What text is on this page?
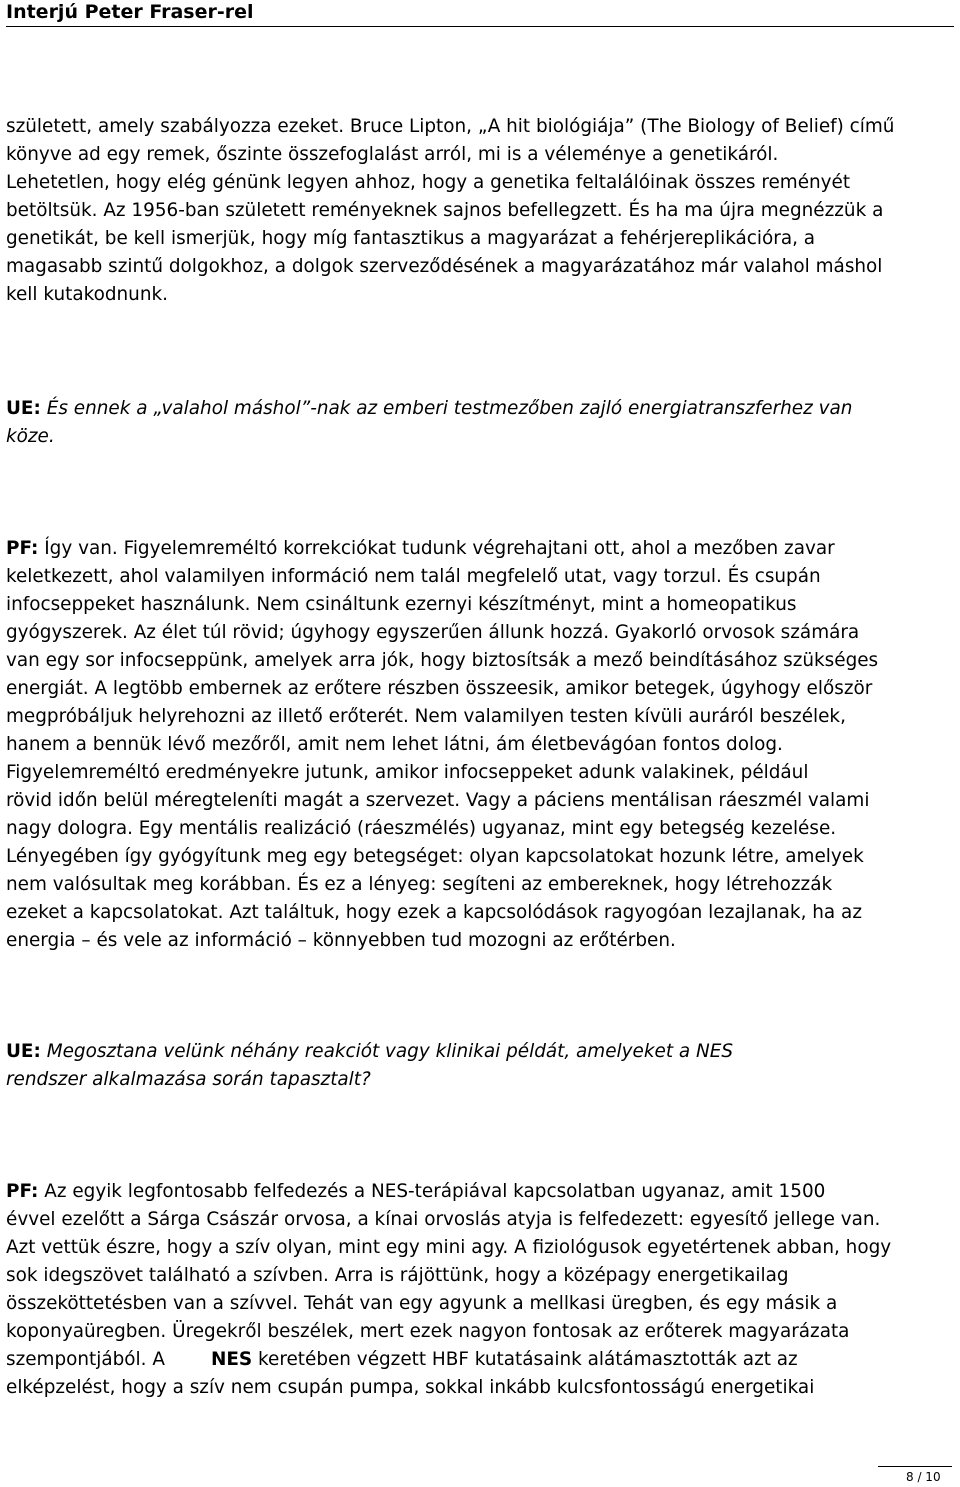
Interjú Peter Fraser-rel
született, amely szabályozza ezeket. Bruce Lipton, „A hit biológiája” (The Biology of Belief) című
könyve ad egy remek, őszinte összefoglalást arról, mi is a véleménye a genetikáról.
Lehetetlen, hogy elég génünk legyen ahhoz, hogy a genetika feltalálóinak összes reményét
betöltsük. Az 1956-ban született reményeknek sajnos befellegzett. És ha ma újra megnézzük a
genetikát, be kell ismerjük, hogy míg fantasztikus a magyarázat a fehérjereplikációra, a
magasabb szintű dolgokhoz, a dolgok szerveződésének a magyarázatához már valahol máshol
kell kutakodnunk.
UE: És ennek a „valahol máshol”-nak az emberi testmezőben zajló energiatranszferhez van
köze.
PF: Így van. Figyelemreméltó korrekciókat tudunk végrehajtani ott, ahol a mezőben zavar
keletkezett, ahol valamilyen információ nem talál megfelelő utat, vagy torzul. És csupán
infocseppeket használunk. Nem csináltunk ezernyi készítményt, mint a homeopatikus
gyógyszerek. Az élet túl rövid; úgyhogy egyszerűen állunk hozzá. Gyakorló orvosok számára
van egy sor infocseppünk, amelyek arra jók, hogy biztosítsák a mező beindításához szükséges
energiát. A legtöbb embernek az erőtere részben összeesik, amikor betegek, úgyhogy először
megpróbáljuk helyrehozni az illető erőterét. Nem valamilyen testen kívüli auráról beszélek,
hanem a bennük lévő mezőről, amit nem lehet látni, ám életbevágóan fontos dolog.
Figyelemreméltó eredményekre jutunk, amikor infocseppeket adunk valakinek, például
rövid időn belül méregteleníti magát a szervezet. Vagy a páciens mentálisan ráeszmél valami
nagy dologra. Egy mentális realizáció (ráeszmélés) ugyanaz, mint egy betegség kezelése.
Lényegében így gyógyítunk meg egy betegséget: olyan kapcsolatokat hozunk létre, amelyek
nem valósultak meg korábban. És ez a lényeg: segíteni az embereknek, hogy létrehozzák
ezeket a kapcsolatokat. Azt találtuk, hogy ezek a kapcsolódások ragyogóan lezajlanak, ha az
energia – és vele az információ – könnyebben tud mozogni az erőtérben.
UE: Megosztana velünk néhány reakciót vagy klinikai példát, amelyeket a NES
rendszer alkalmazása során tapasztalt?
PF: Az egyik legfontosabb felfedezés a NES-terápiával kapcsolatban ugyanaz, amit 1500
évvel ezelőtt a Sárga Császár orvosa, a kínai orvoslás atyja is felfedezett: egyesítő jellege van.
Azt vettük észre, hogy a szív olyan, mint egy mini agy. A fiziológusok egyetértenek abban, hogy
sok idegszövet található a szívben. Arra is rájöttünk, hogy a középagy energetikailag
összeköttetésben van a szívvel. Tehát van egy agyunk a mellkasi üregben, és egy másik a
koponyaüregben. Üregekről beszélek, mert ezek nagyon fontosak az erőterek magyarázata
szempontjából. A	NES keretében végzett HBF kutatásaink alátámasztották azt az
elképzelést, hogy a szív nem csupán pumpa, sokkal inkább kulcsfontosságú energetikai
8 / 10
